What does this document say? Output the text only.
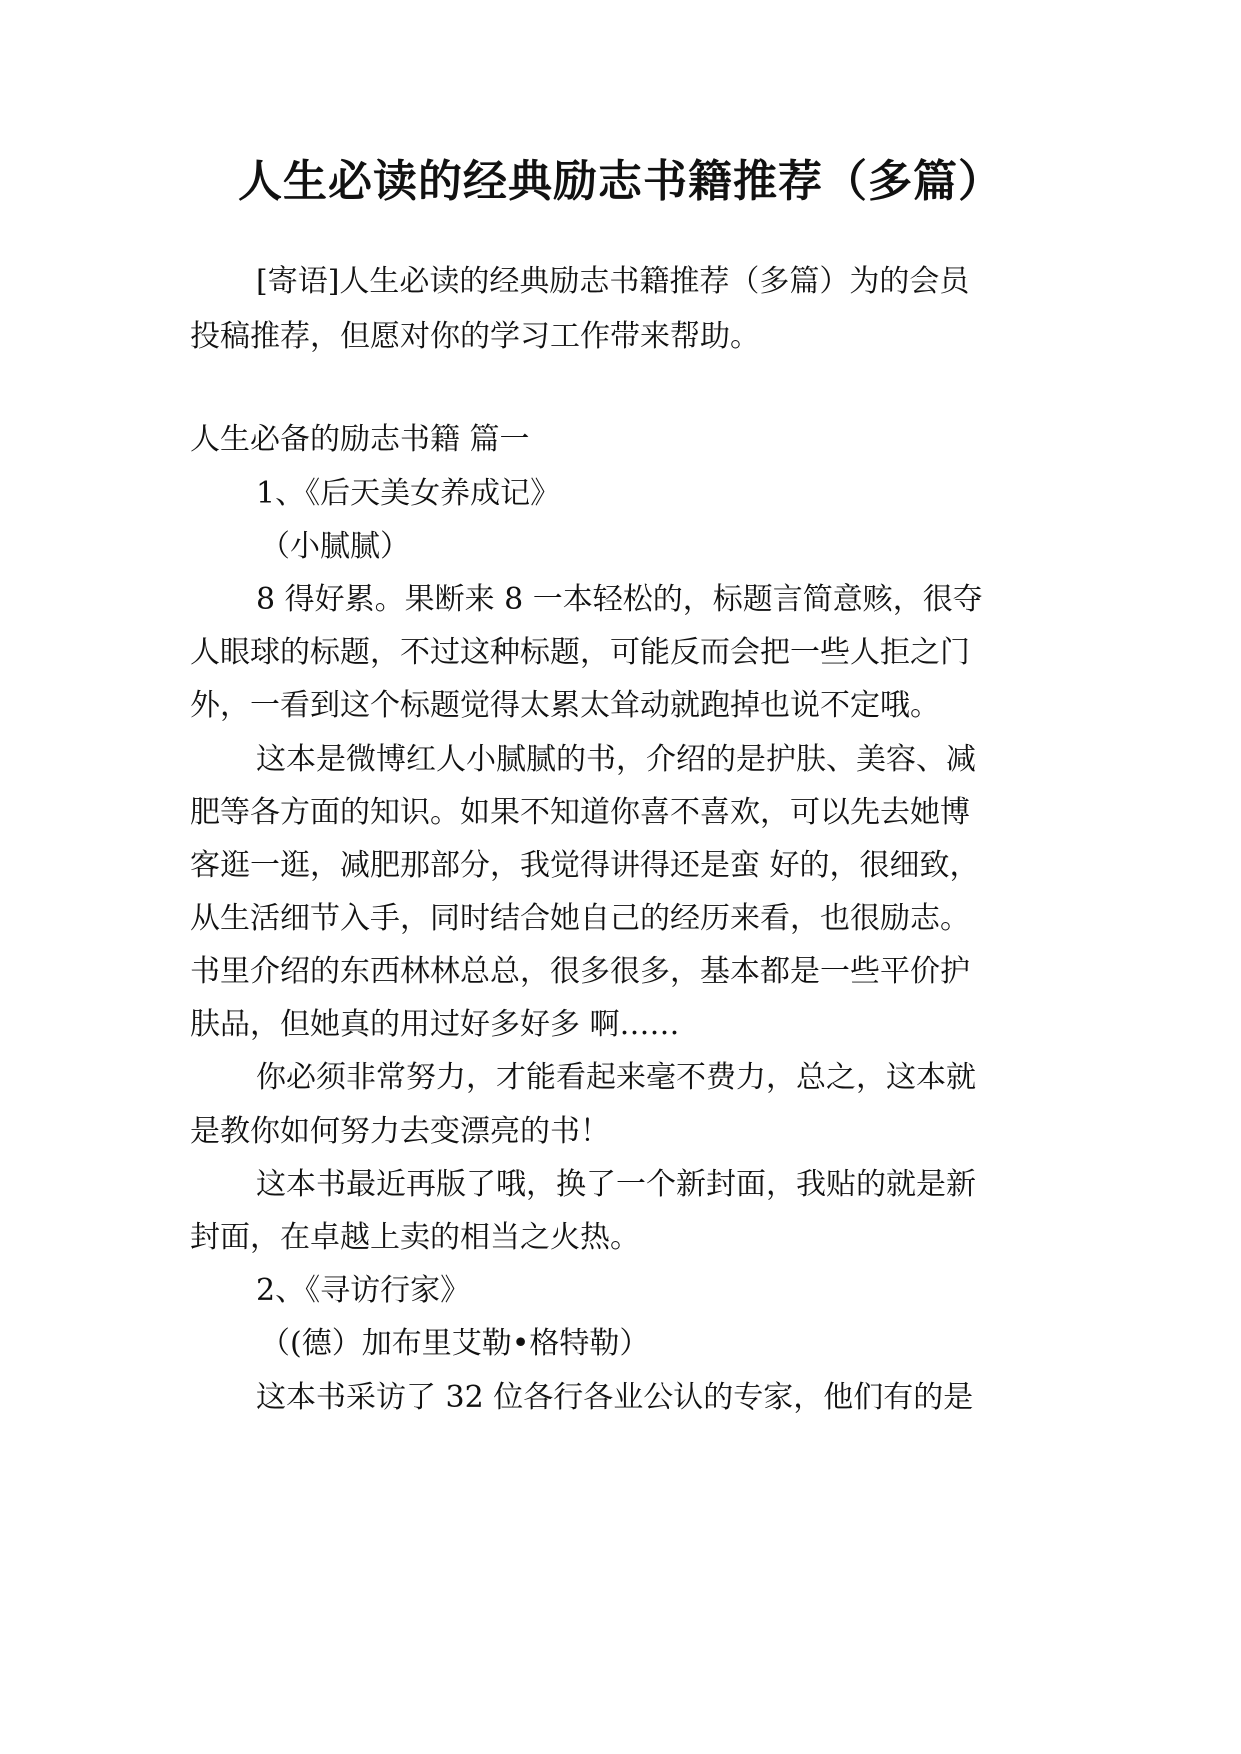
人生必读的经典励志书籍推荐（多篇）
[寄语]人生必读的经典励志书籍推荐（多篇）为的会员
投稿推荐，但愿对你的学习工作带来帮助。
人生必备的励志书籍 篇一
1、《后天美女养成记》
（小腻腻）
8 得好累。果断来 8 一本轻松的，标题言简意赅，很夺
人眼球的标题，不过这种标题，可能反而会把一些人拒之门
外，一看到这个标题觉得太累太耸动就跑掉也说不定哦。
这本是微博红人小腻腻的书，介绍的是护肤、美容、减
肥等各方面的知识。如果不知道你喜不喜欢，可以先去她博
客逛一逛，减肥那部分，我觉得讲得还是蛮 好的，很细致，
从生活细节入手，同时结合她自己的经历来看，也很励志。
书里介绍的东西林林总总，很多很多，基本都是一些平价护
肤品，但她真的用过好多好多 啊……
你必须非常努力，才能看起来毫不费力，总之，这本就
是教你如何努力去变漂亮的书！
这本书最近再版了哦，换了一个新封面，我贴的就是新
封面，在卓越上卖的相当之火热。
2、《寻访行家》
（(德）加布里艾勒•格特勒）
这本书采访了 32 位各行各业公认的专家，他们有的是
